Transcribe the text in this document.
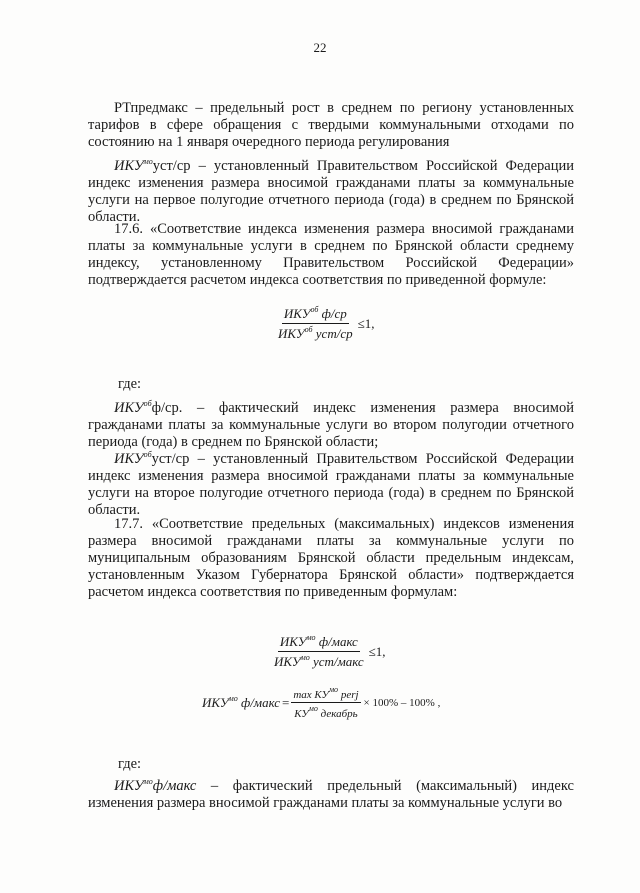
22

РТпредмакс – предельный рост в среднем по региону установленных тарифов в сфере обращения с твердыми коммунальными отходами по состоянию на 1 января очередного периода регулирования

$ИКУ^{мо}уст/ср$ – установленный Правительством Российской Федерации индекс изменения размера вносимой гражданами платы за коммунальные услуги на первое полугодие отчетного периода (года) в среднем по Брянской области.

17.6. «Соответствие индекса изменения размера вносимой гражданами платы за коммунальные услуги в среднем по Брянской области среднему индексу, установленному Правительством Российской Федерации» подтверждается расчетом индекса соответствия по приведенной формуле:

$\frac{ИКУ^{об} ф/ср}{ИКУ^{об} уст/ср} \le 1$,
где:

$ИКУ^{об}ф/ср$. – фактический индекс изменения размера вносимой гражданами платы за коммунальные услуги во втором полугодии отчетного периода (года) в среднем по Брянской области;

$ИКУ^{об}уст/ср$ – установленный Правительством Российской Федерации индекс изменения размера вносимой гражданами платы за коммунальные услуги на второе полугодие отчетного периода (года) в среднем по Брянской области.

17.7. «Соответствие предельных (максимальных) индексов изменения размера вносимой гражданами платы за коммунальные услуги по муниципальным образованиям Брянской области предельным индексам, установленным Указом Губернатора Брянской области» подтверждается расчетом индекса соответствия по приведенным формулам:

$\frac{ИКУ^{мо} ф/макс}{ИКУ^{мо} уст/макс} \le 1$,
$ИКУ^{мо}$ ф/макс = $\frac{\max КУ^{мо} perj}{КУ^{мо} декабрь} \times 100\% - 100\%$ ,
где:

$ИКУ^{мо}ф$/макс – фактический предельный (максимальный) индекс изменения размера вносимой гражданами платы за коммунальные услуги во
